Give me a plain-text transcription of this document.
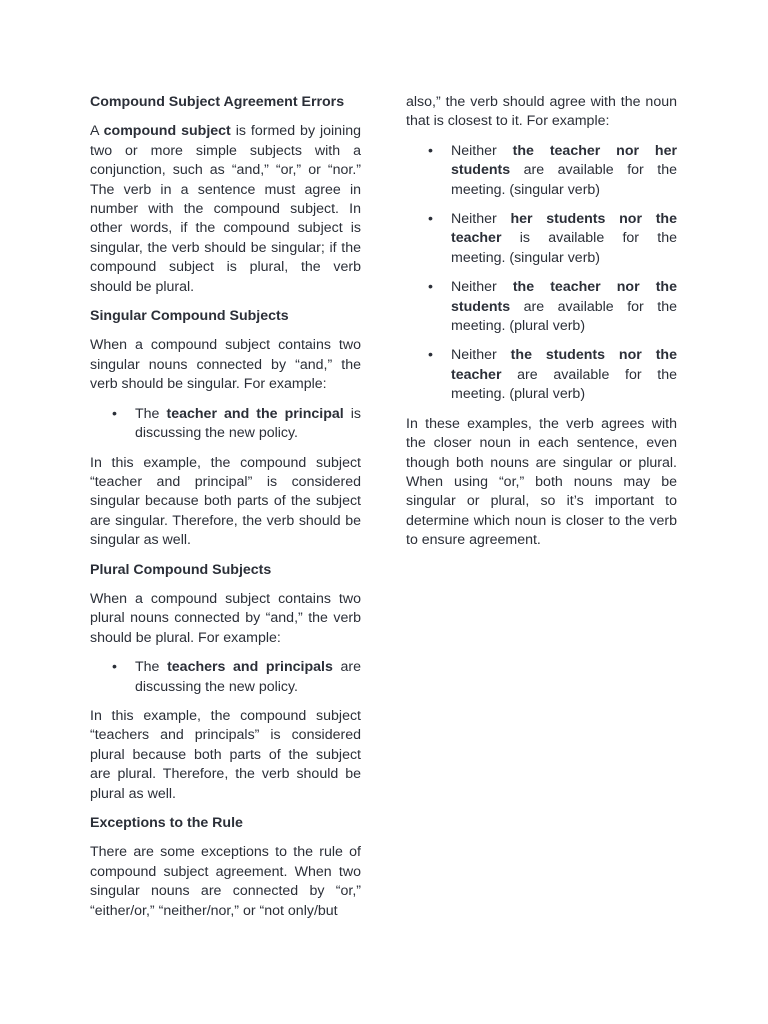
Compound Subject Agreement Errors
A compound subject is formed by joining two or more simple subjects with a conjunction, such as “and,” “or,” or “nor.” The verb in a sentence must agree in number with the compound subject. In other words, if the compound subject is singular, the verb should be singular; if the compound subject is plural, the verb should be plural.
Singular Compound Subjects
When a compound subject contains two singular nouns connected by “and,” the verb should be singular. For example:
• The teacher and the principal is discussing the new policy.
In this example, the compound subject “teacher and principal” is considered singular because both parts of the subject are singular. Therefore, the verb should be singular as well.
Plural Compound Subjects
When a compound subject contains two plural nouns connected by “and,” the verb should be plural. For example:
• The teachers and principals are discussing the new policy.
In this example, the compound subject “teachers and principals” is considered plural because both parts of the subject are plural. Therefore, the verb should be plural as well.
Exceptions to the Rule
There are some exceptions to the rule of compound subject agreement. When two singular nouns are connected by “or,” “either/or,” “neither/nor,” or “not only/but
also,” the verb should agree with the noun that is closest to it. For example:
• Neither the teacher nor her students are available for the meeting. (singular verb)
• Neither her students nor the teacher is available for the meeting. (singular verb)
• Neither the teacher nor the students are available for the meeting. (plural verb)
• Neither the students nor the teacher are available for the meeting. (plural verb)
In these examples, the verb agrees with the closer noun in each sentence, even though both nouns are singular or plural. When using “or,” both nouns may be singular or plural, so it’s important to determine which noun is closer to the verb to ensure agreement.
